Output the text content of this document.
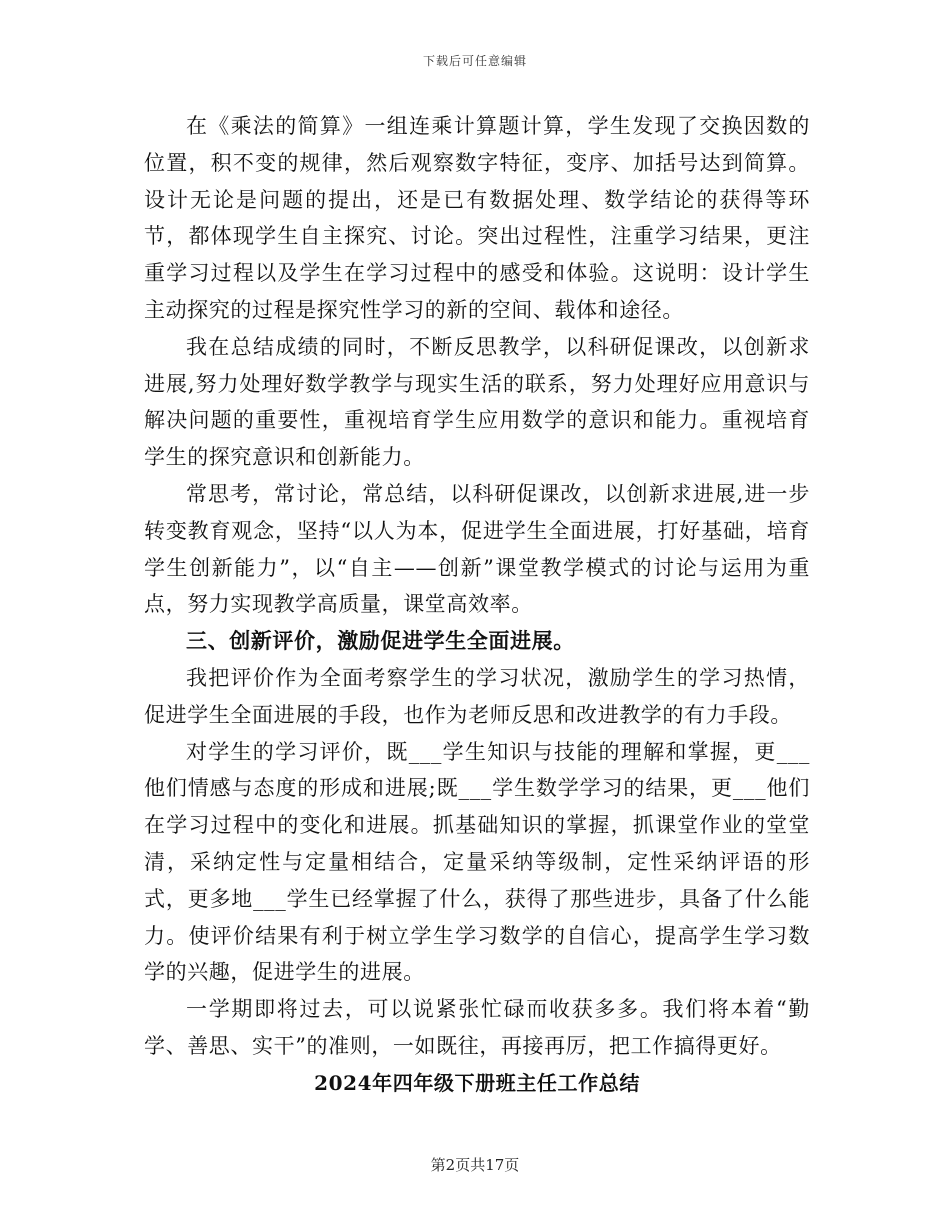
下载后可任意编辑

在《乘法的简算》一组连乘计算题计算，学生发现了交换因数的位置，积不变的规律，然后观察数字特征，变序、加括号达到简算。设计无论是问题的提出，还是已有数据处理、数学结论的获得等环节，都体现学生自主探究、讨论。突出过程性，注重学习结果，更注重学习过程以及学生在学习过程中的感受和体验。这说明：设计学生主动探究的过程是探究性学习的新的空间、载体和途径。

我在总结成绩的同时，不断反思教学，以科研促课改，以创新求进展,努力处理好数学教学与现实生活的联系，努力处理好应用意识与解决问题的重要性，重视培育学生应用数学的意识和能力。重视培育学生的探究意识和创新能力。

常思考，常讨论，常总结，以科研促课改，以创新求进展,进一步转变教育观念，坚持“以人为本，促进学生全面进展，打好基础，培育学生创新能力”，以“自主——创新”课堂教学模式的讨论与运用为重点，努力实现教学高质量，课堂高效率。

三、创新评价，激励促进学生全面进展。

我把评价作为全面考察学生的学习状况，激励学生的学习热情，促进学生全面进展的手段，也作为老师反思和改进教学的有力手段。

对学生的学习评价，既___学生知识与技能的理解和掌握，更___他们情感与态度的形成和进展;既___学生数学学习的结果，更___他们在学习过程中的变化和进展。抓基础知识的掌握，抓课堂作业的堂堂清，采纳定性与定量相结合，定量采纳等级制，定性采纳评语的形式，更多地___学生已经掌握了什么，获得了那些进步，具备了什么能力。使评价结果有利于树立学生学习数学的自信心，提高学生学习数学的兴趣，促进学生的进展。

一学期即将过去，可以说紧张忙碌而收获多多。我们将本着“勤学、善思、实干”的准则，一如既往，再接再厉，把工作搞得更好。

2024年四年级下册班主任工作总结

第2页共17页
